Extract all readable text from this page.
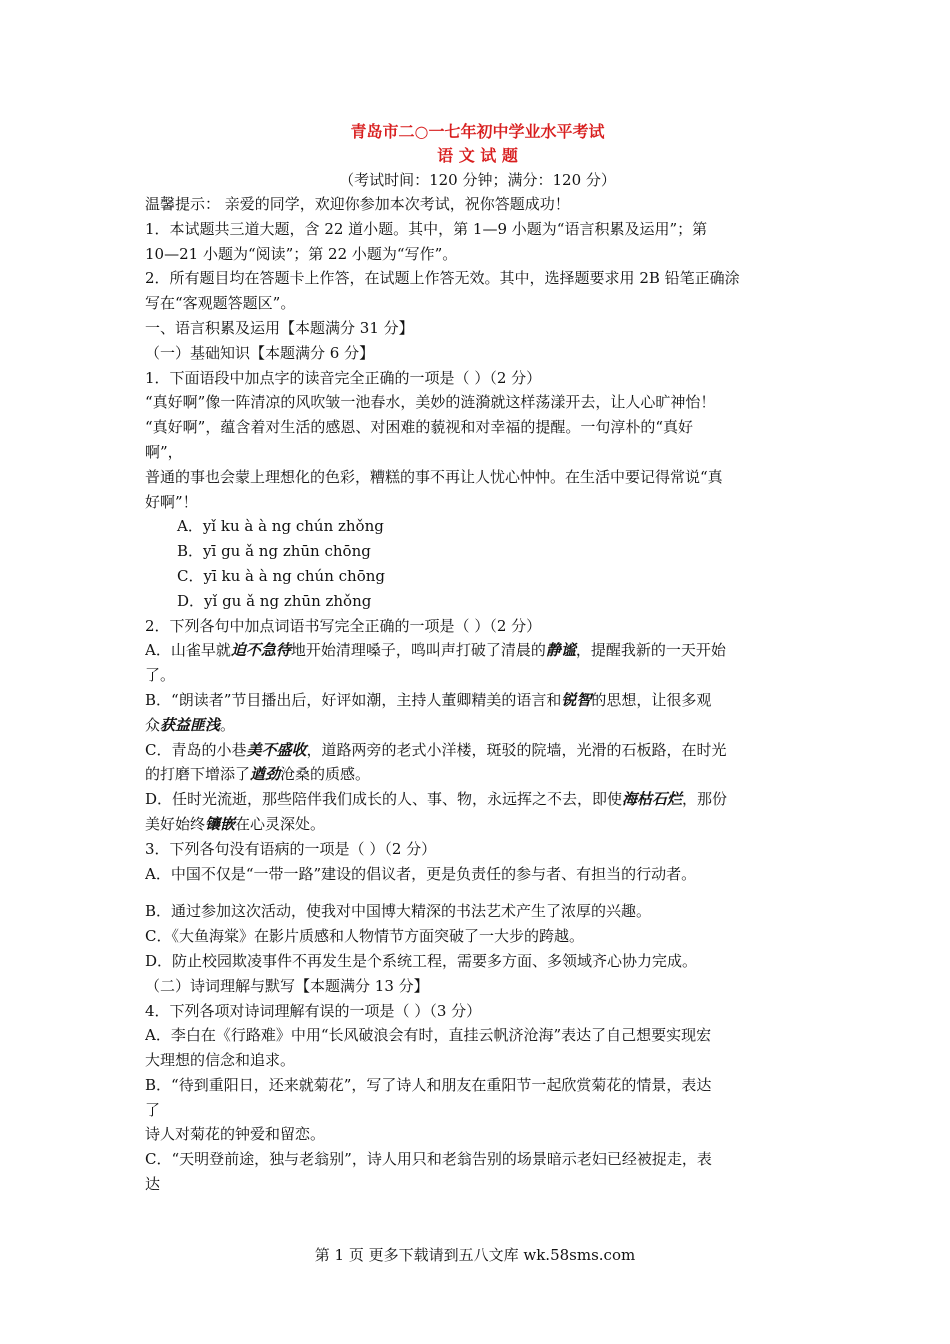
青岛市二○一七年初中学业水平考试
语 文 试 题
（考试时间：120 分钟；满分：120 分）

温馨提示： 亲爱的同学，欢迎你参加本次考试，祝你答题成功！

1．本试题共三道大题，含 22 道小题。其中，第 1—9 小题为“语言积累及运用”；第

10—21 小题为“阅读”；第 22 小题为“写作”。

2．所有题目均在答题卡上作答，在试题上作答无效。其中，选择题要求用 2B 铅笔正确涂

写在“客观题答题区”。

一、语言积累及运用【本题满分 31 分】

（一）基础知识【本题满分 6 分】

1．下面语段中加点字的读音完全正确的一项是（ ）（2 分）

“真好啊”像一阵清凉的风吹皱一池春水，美妙的涟漪就这样荡漾开去，让人心旷神怡！

“真好啊”，蕴含着对生活的感恩、对困难的藐视和对幸福的提醒。一句淳朴的“真好

啊”，

普通的事也会蒙上理想化的色彩，糟糕的事不再让人忧心忡忡。在生活中要记得常说“真

好啊”！

A．yǐ ku à à ng chún zhǒng

B．yī gu ǎ ng zhūn chōng

C．yī ku à à ng chún chōng

D．yǐ gu ǎ ng zhūn zhǒng

2．下列各句中加点词语书写完全正确的一项是（ ）（2 分）

A．山雀早就迫不急待地开始清理嗓子，鸣叫声打破了清晨的静谧，提醒我新的一天开始

了。

B．“朗读者”节目播出后，好评如潮，主持人董卿精美的语言和锐智的思想，让很多观

众获益匪浅。

C．青岛的小巷美不盛收，道路两旁的老式小洋楼，斑驳的院墙，光滑的石板路，在时光

的打磨下增添了遒劲沧桑的质感。

D．任时光流逝，那些陪伴我们成长的人、事、物，永远挥之不去，即使海枯石烂，那份

美好始终镶嵌在心灵深处。

3．下列各句没有语病的一项是（ ）（2 分）

A．中国不仅是“一带一路”建设的倡议者，更是负责任的参与者、有担当的行动者。

B．通过参加这次活动，使我对中国博大精深的书法艺术产生了浓厚的兴趣。

C．《大鱼海棠》在影片质感和人物情节方面突破了一大步的跨越。

D．防止校园欺凌事件不再发生是个系统工程，需要多方面、多领域齐心协力完成。

（二）诗词理解与默写【本题满分 13 分】

4．下列各项对诗词理解有误的一项是（ ）（3 分）

A．李白在《行路难》中用“长风破浪会有时，直挂云帆济沧海”表达了自己想要实现宏

大理想的信念和追求。

B．“待到重阳日，还来就菊花”，写了诗人和朋友在重阳节一起欣赏菊花的情景，表达

了

诗人对菊花的钟爱和留恋。

C．“天明登前途，独与老翁别”，诗人用只和老翁告别的场景暗示老妇已经被捉走，表

达

第 1 页 更多下载请到五八文库 wk.58sms.com
